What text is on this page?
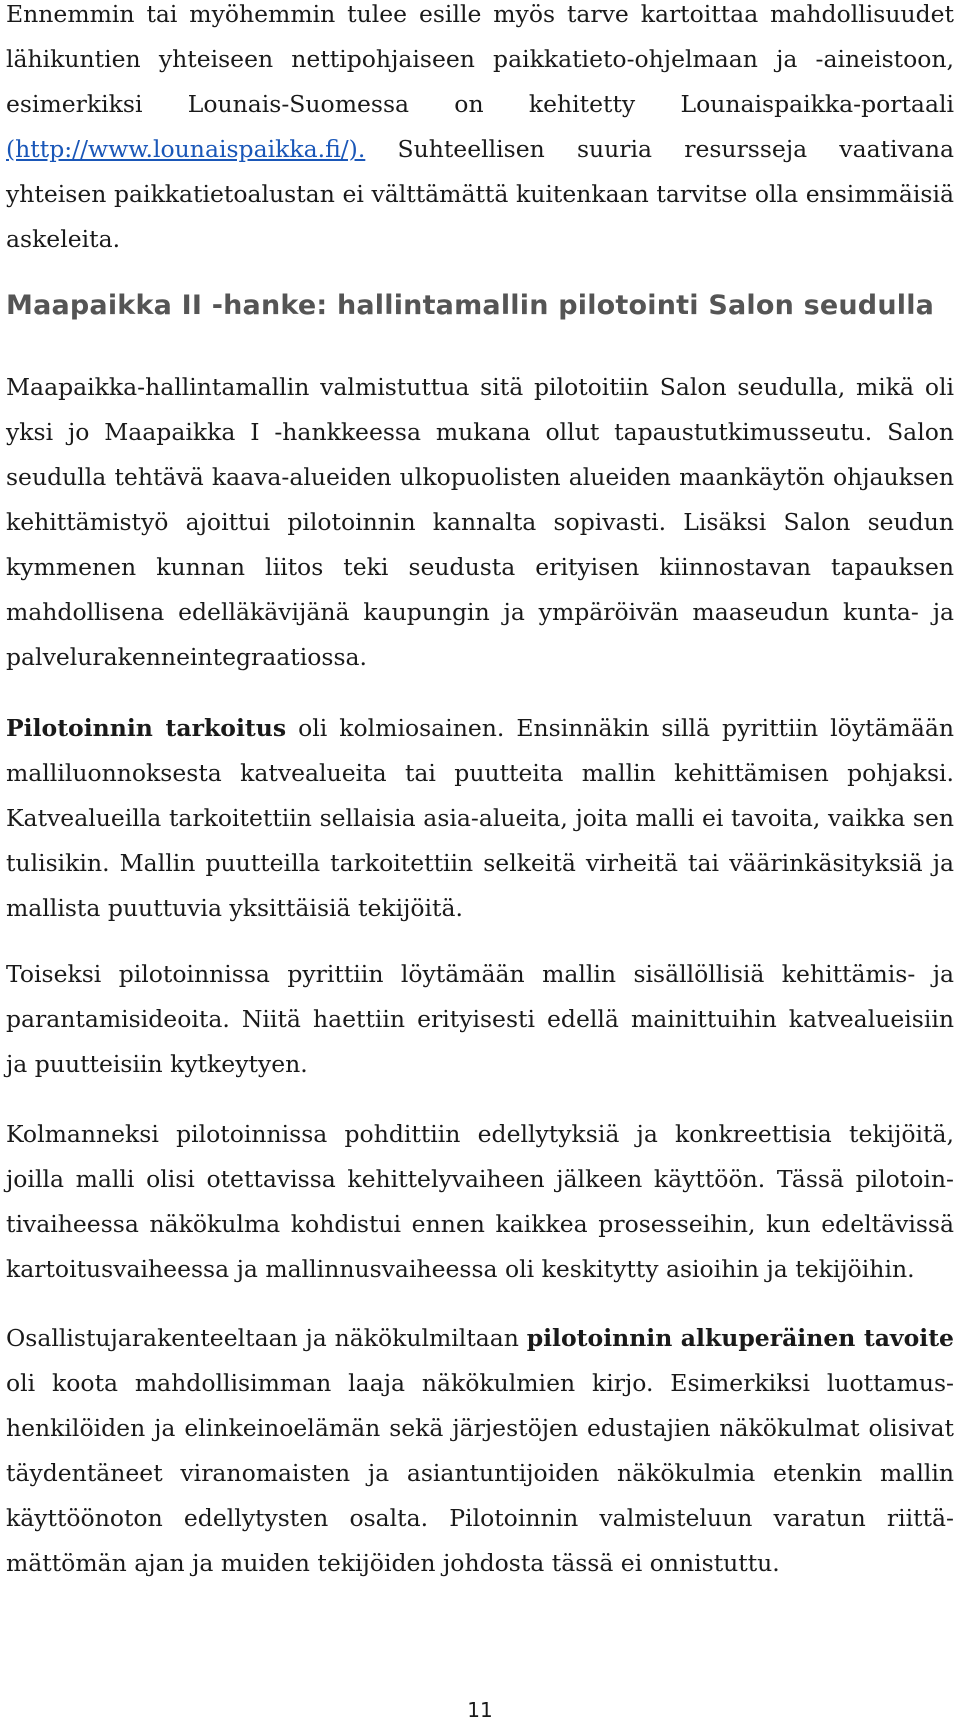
Ennemmin tai myöhemmin tulee esille myös tarve kartoittaa mahdollisuudet lähikuntien yhteiseen nettipohjaiseen paikkatieto-ohjelmaan ja -aineistoon, esimerkiksi Lounais-Suomessa on kehitetty Lounaispaikka-portaali (http://www.lounaispaikka.fi/). Suhteellisen suuria resursseja vaativana yhteisen paikkatietoalustan ei välttämättä kuitenkaan tarvitse olla ensimmäisiä askeleita.

Maapaikka II -hanke: hallintamallin pilotointi Salon seudulla

Maapaikka-hallintamallin valmistuttua sitä pilotoitiin Salon seudulla, mikä oli yksi jo Maapaikka I -hankkeessa mukana ollut tapaustutkimusseutu. Salon seudulla tehtävä kaava-alueiden ulkopuolisten alueiden maankäytön ohjauksen kehittämistyö ajoittui pilotoinnin kannalta sopivasti. Lisäksi Salon seudun kymmenen kunnan liitos teki seudusta erityisen kiinnostavan tapauksen mahdollisena edelläkävijänä kaupungin ja ympäröivän maaseudun kunta- ja palvelurakenneintegraatiossa.

Pilotoinnin tarkoitus oli kolmiosainen. Ensinnäkin sillä pyrittiin löytämään malliluonnoksesta katvealueita tai puutteita mallin kehittämisen pohjaksi. Katvealueilla tarkoitettiin sellaisia asia-alueita, joita malli ei tavoita, vaikka sen tulisikin. Mallin puutteilla tarkoitettiin selkeitä virheitä tai väärinkäsityksiä ja mallista puuttuvia yksittäisiä tekijöitä.

Toiseksi pilotoinnissa pyrittiin löytämään mallin sisällöllisiä kehittämis- ja parantamisideoita. Niitä haettiin erityisesti edellä mainittuihin katvealueisiin ja puutteisiin kytkeytyen.

Kolmanneksi pilotoinnissa pohdittiin edellytyksiä ja konkreettisia tekijöitä, joilla malli olisi otettavissa kehittelyvaiheen jälkeen käyttöön. Tässä pilotointivaiheessa näkökulma kohdistui ennen kaikkea prosesseihin, kun edeltävissä kartoitusvaiheessa ja mallinnusvaiheessa oli keskitytty asioihin ja tekijöihin.

Osallistujarakenteeltaan ja näkökulmiltaan pilotoinnin alkuperäinen tavoite oli koota mahdollisimman laaja näkökulmien kirjo. Esimerkiksi luottamushenkilöiden ja elinkeinoelämän sekä järjestöjen edustajien näkökulmat olisivat täydentäneet viranomaisten ja asiantuntijoiden näkökulmia etenkin mallin käyttöönoton edellytysten osalta. Pilotoinnin valmisteluun varatun riittämättömän ajan ja muiden tekijöiden johdosta tässä ei onnistuttu.

11
